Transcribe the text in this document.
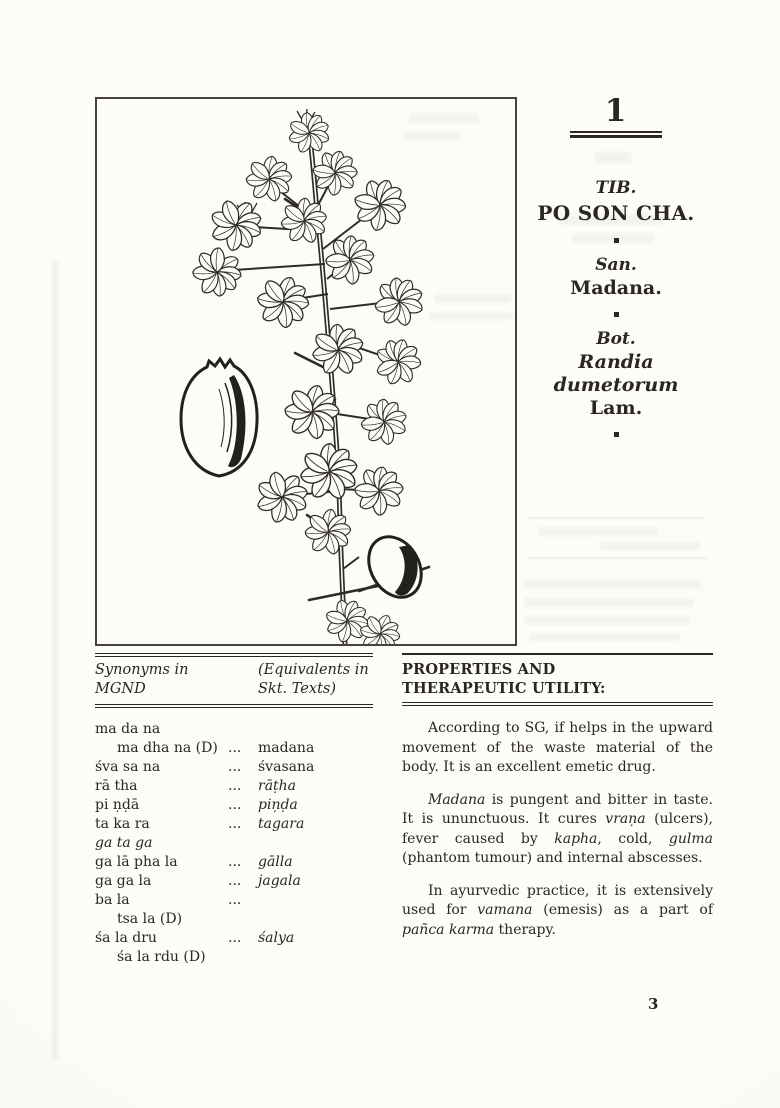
1
TIB.
PO SON CHA.
San.
Madana.
Bot.
Randia
dumetorum
Lam.
Synonyms in
MGND
(Equivalents in
Skt. Texts)
ma da na
ma dha na (D) ... madana
śva sa na	... śvasana
rā tha	... rāṭha
pi ṇḍā	... piṇḍa
ta ka ra	... tagara
ga ta ga
ga lā pha la	... gālla
ga ga la	... jagala
ba la	...
tsa la (D)
śa la dru	... śalya
śa la rdu (D)
PROPERTIES AND
THERAPEUTIC UTILITY:

According to SG, if helps in the upward movement of the waste material of the body. It is an excellent emetic drug.

Madana is pungent and bitter in taste. It is ununctuous. It cures vraṇa (ulcers), fever caused by kapha, cold, gulma (phantom tumour) and internal abscesses.

In ayurvedic practice, it is extensively used for vamana (emesis) as a part of pañca karma therapy.

3
